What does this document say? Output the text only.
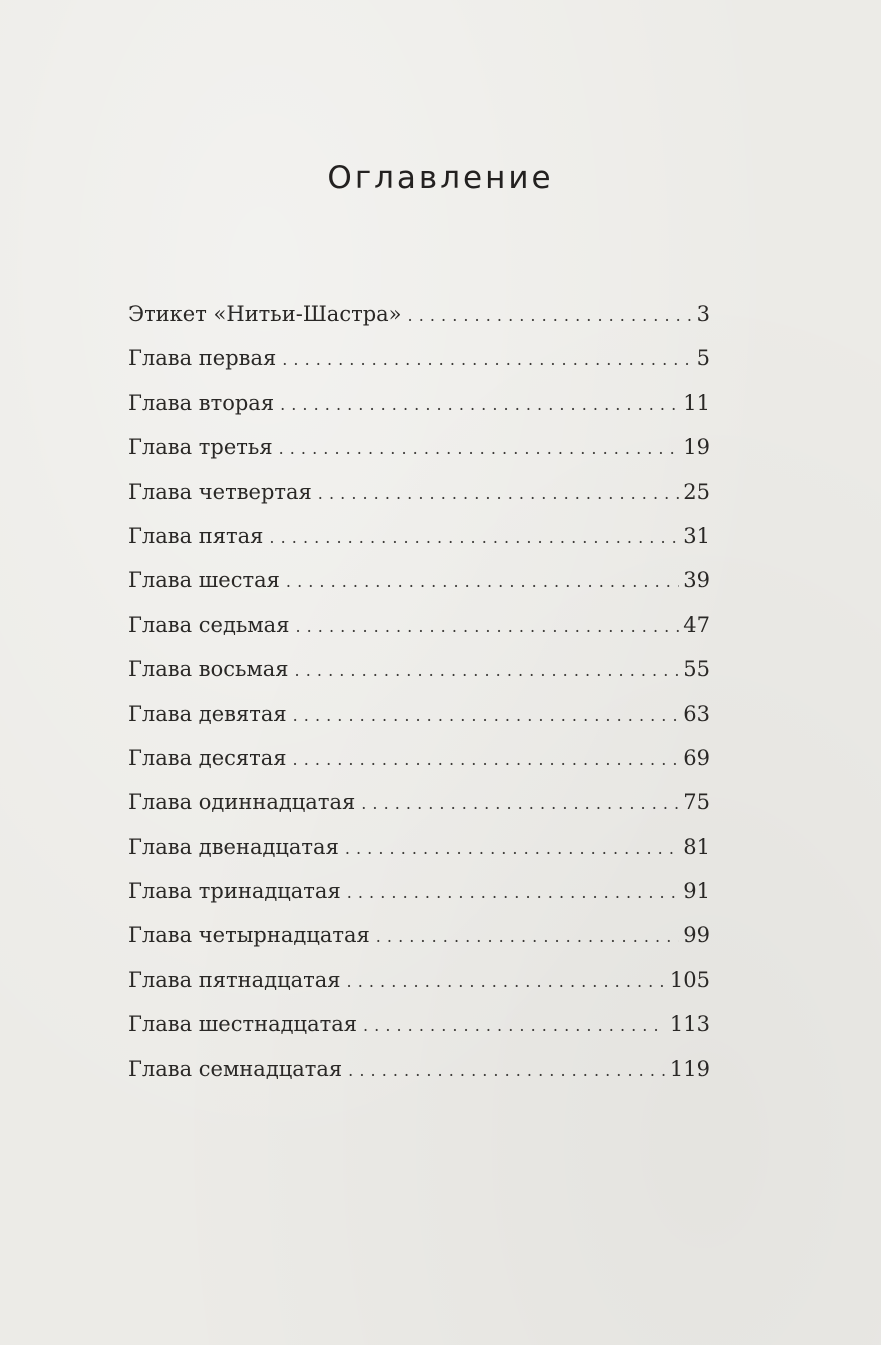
Оглавление
Этикет «Нитьи-Шастра» . . .	3
Глава первая . . .	5
Глава вторая . . .	11
Глава третья . . .	19
Глава четвертая . . .	25
Глава пятая . . .	31
Глава шестая . . .	39
Глава седьмая . . .	47
Глава восьмая . . .	55
Глава девятая . . .	63
Глава десятая . . .	69
Глава одиннадцатая . . .	75
Глава двенадцатая . . .	81
Глава тринадцатая . . .	91
Глава четырнадцатая . . .	99
Глава пятнадцатая . . .	105
Глава шестнадцатая . . .	113
Глава семнадцатая . . .	119
